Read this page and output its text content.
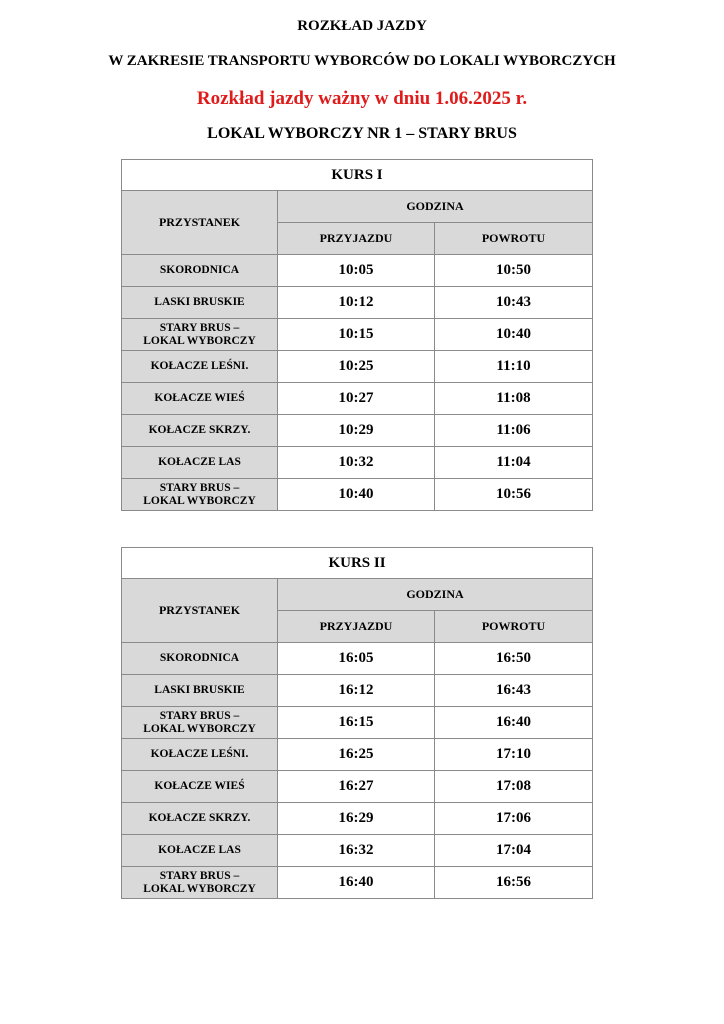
ROZKŁAD JAZDY
W ZAKRESIE TRANSPORTU WYBORCÓW DO LOKALI WYBORCZYCH
Rozkład jazdy ważny w dniu 1.06.2025 r.
LOKAL WYBORCZY NR 1 – STARY BRUS
KURS I		
PRZYSTANEK	GODZINA	
	PRZYJAZDU	POWROTU
SKORODNICA	10:05	10:50
LASKI BRUSKIE	10:12	10:43
STARY BRUS –
LOKAL WYBORCZY	10:15	10:40
KOŁACZE LEŚNI.	10:25	11:10
KOŁACZE WIEŚ	10:27	11:08
KOŁACZE SKRZY.	10:29	11:06
KOŁACZE LAS	10:32	11:04
STARY BRUS –
LOKAL WYBORCZY	10:40	10:56
KURS II		
PRZYSTANEK	GODZINA	
	PRZYJAZDU	POWROTU
SKORODNICA	16:05	16:50
LASKI BRUSKIE	16:12	16:43
STARY BRUS –
LOKAL WYBORCZY	16:15	16:40
KOŁACZE LEŚNI.	16:25	17:10
KOŁACZE WIEŚ	16:27	17:08
KOŁACZE SKRZY.	16:29	17:06
KOŁACZE LAS	16:32	17:04
STARY BRUS –
LOKAL WYBORCZY	16:40	16:56
